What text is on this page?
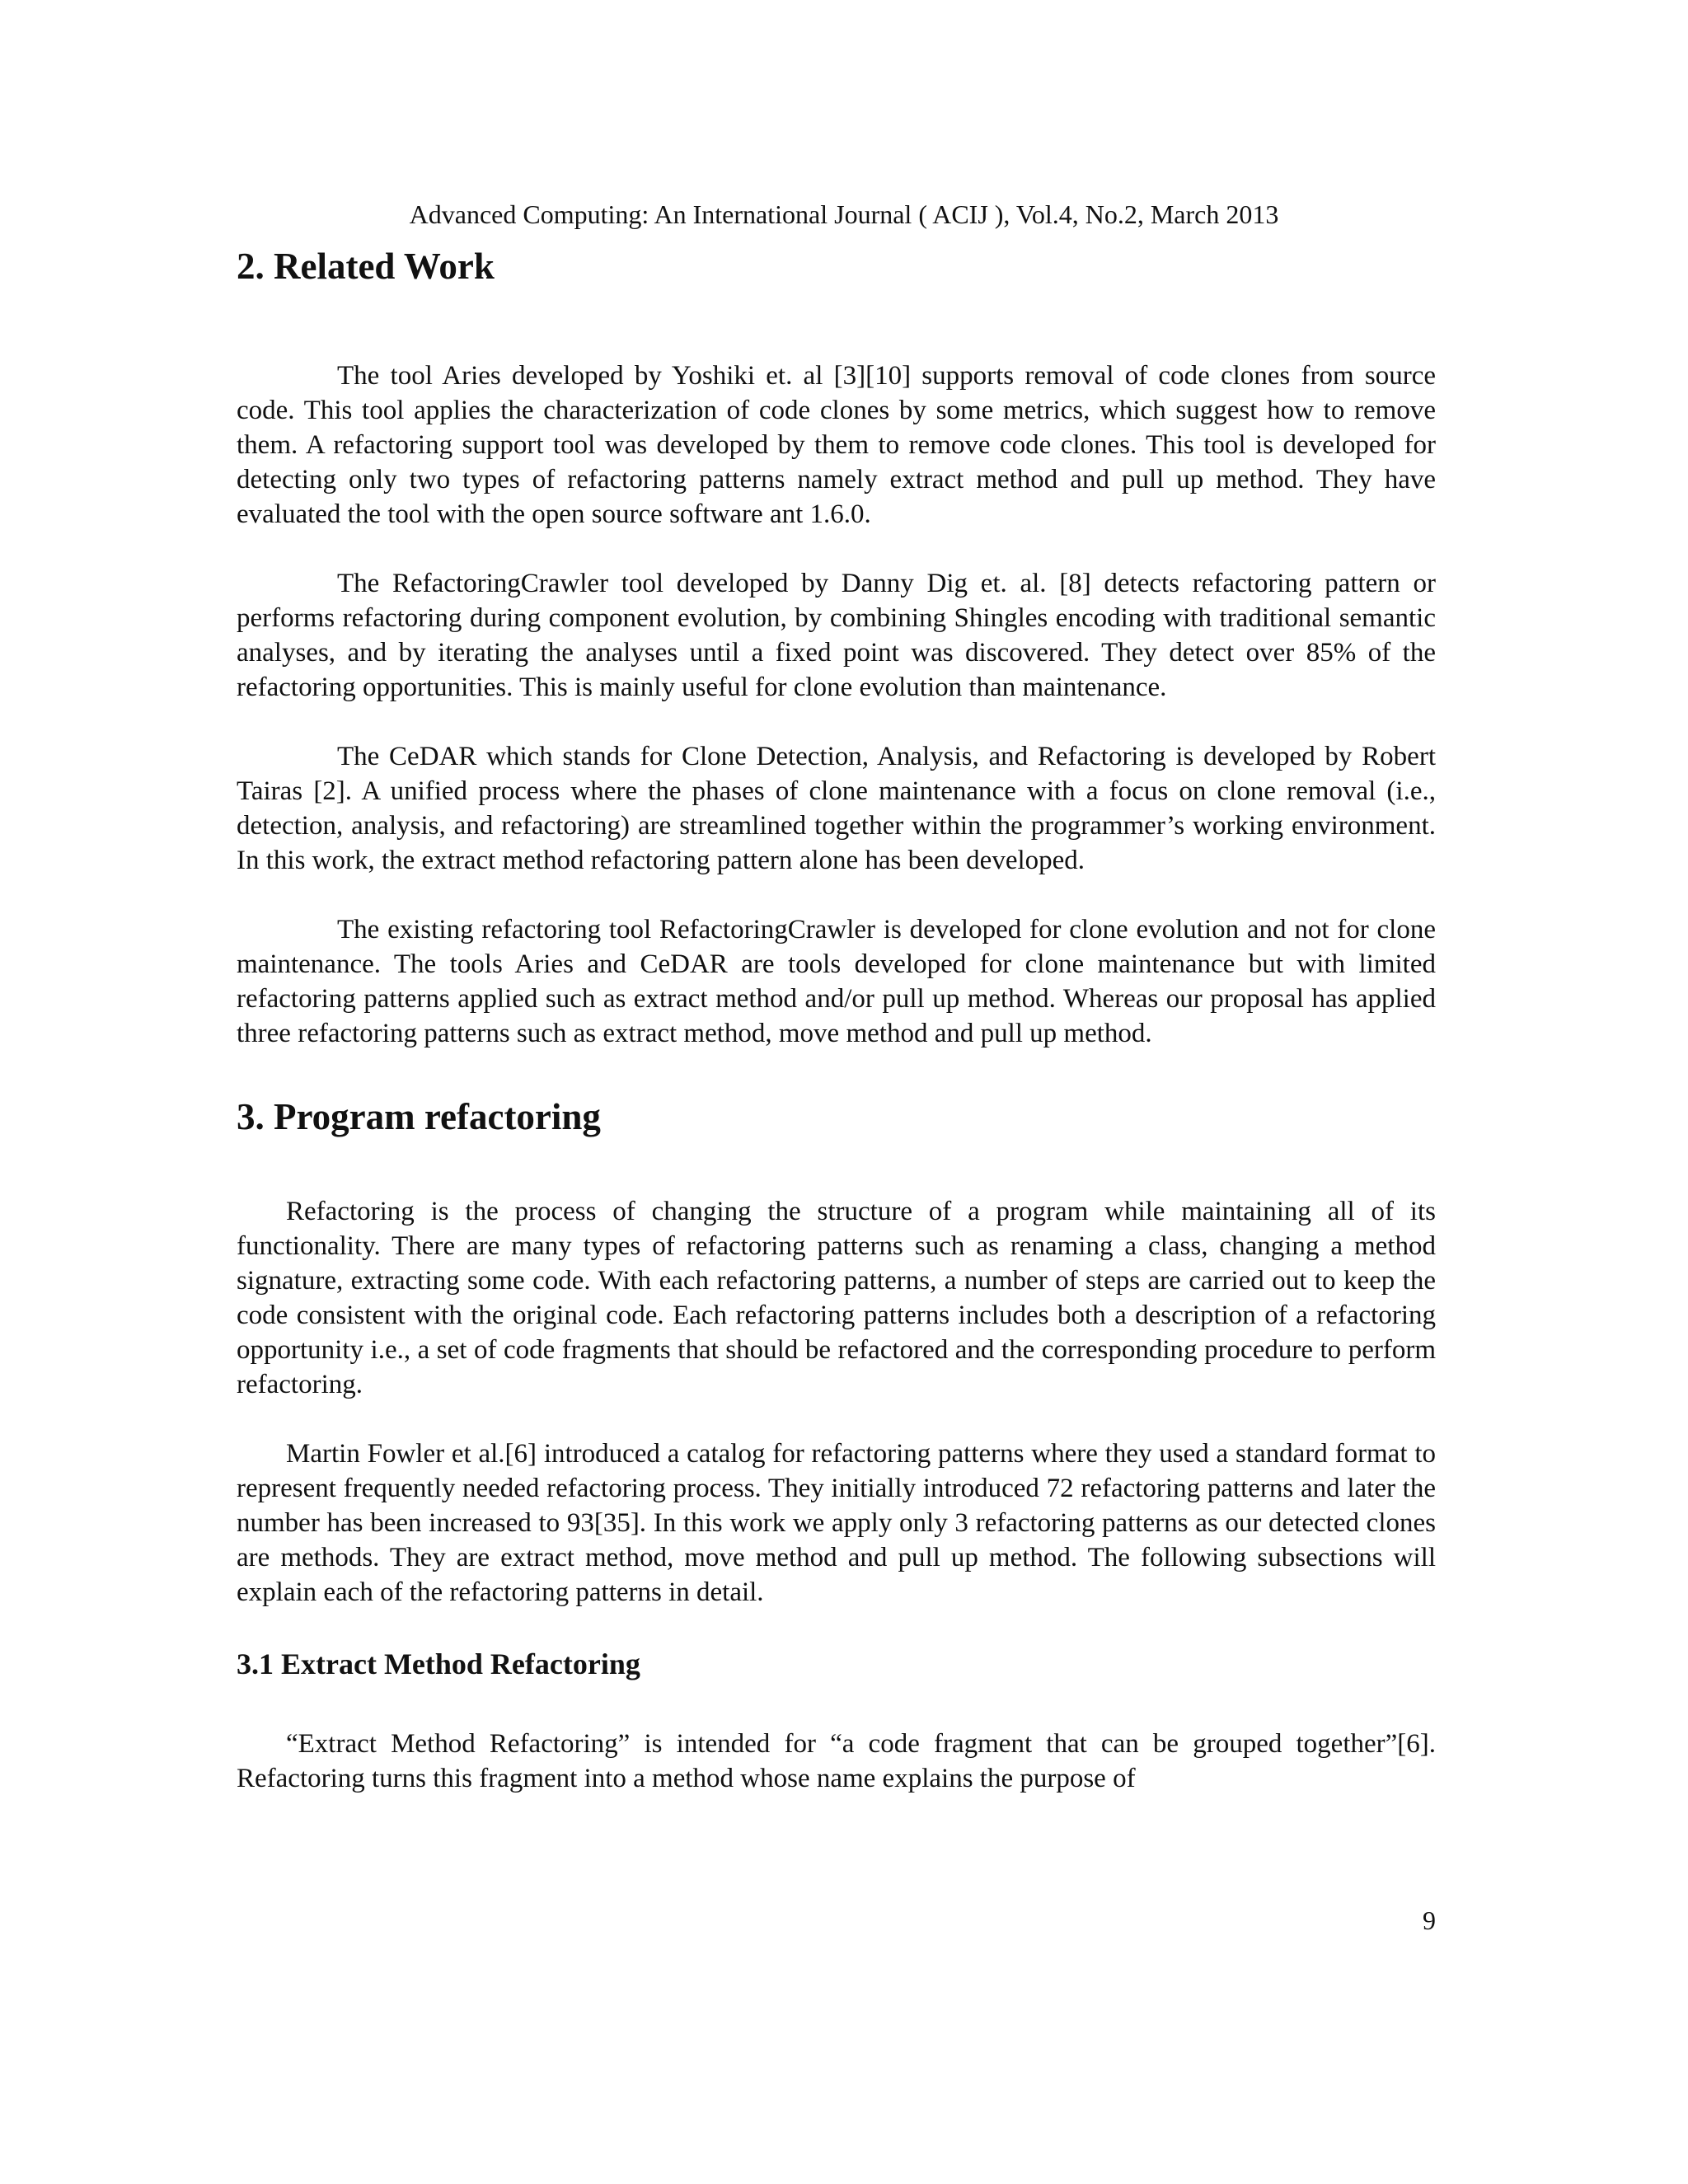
Advanced Computing: An International Journal ( ACIJ ), Vol.4, No.2, March 2013
2. Related Work

The tool Aries developed by Yoshiki et. al [3][10] supports removal of code clones from source code. This tool applies the characterization of code clones by some metrics, which suggest how to remove them. A refactoring support tool was developed by them to remove code clones. This tool is developed for detecting only two types of refactoring patterns namely extract method and pull up method. They have evaluated the tool with the open source software ant 1.6.0.

The RefactoringCrawler tool developed by Danny Dig et. al. [8] detects refactoring pattern or performs refactoring during component evolution, by combining Shingles encoding with traditional semantic analyses, and by iterating the analyses until a fixed point was discovered. They detect over 85% of the refactoring opportunities. This is mainly useful for clone evolution than maintenance.

The CeDAR which stands for Clone Detection, Analysis, and Refactoring is developed by Robert Tairas [2]. A unified process where the phases of clone maintenance with a focus on clone removal (i.e., detection, analysis, and refactoring) are streamlined together within the programmer’s working environment. In this work, the extract method refactoring pattern alone has been developed.

The existing refactoring tool RefactoringCrawler is developed for clone evolution and not for clone maintenance. The tools Aries and CeDAR are tools developed for clone maintenance but with limited refactoring patterns applied such as extract method and/or pull up method. Whereas our proposal has applied three refactoring patterns such as extract method, move method and pull up method.

3. Program refactoring

Refactoring is the process of changing the structure of a program while maintaining all of its functionality. There are many types of refactoring patterns such as renaming a class, changing a method signature, extracting some code. With each refactoring patterns, a number of steps are carried out to keep the code consistent with the original code. Each refactoring patterns includes both a description of a refactoring opportunity i.e., a set of code fragments that should be refactored and the corresponding procedure to perform refactoring.

Martin Fowler et al.[6] introduced a catalog for refactoring patterns where they used a standard format to represent frequently needed refactoring process. They initially introduced 72 refactoring patterns and later the number has been increased to 93[35]. In this work we apply only 3 refactoring patterns as our detected clones are methods. They are extract method, move method and pull up method. The following subsections will explain each of the refactoring patterns in detail.

3.1 Extract Method Refactoring

“Extract Method Refactoring” is intended for “a code fragment that can be grouped together”[6]. Refactoring turns this fragment into a method whose name explains the purpose of

9
